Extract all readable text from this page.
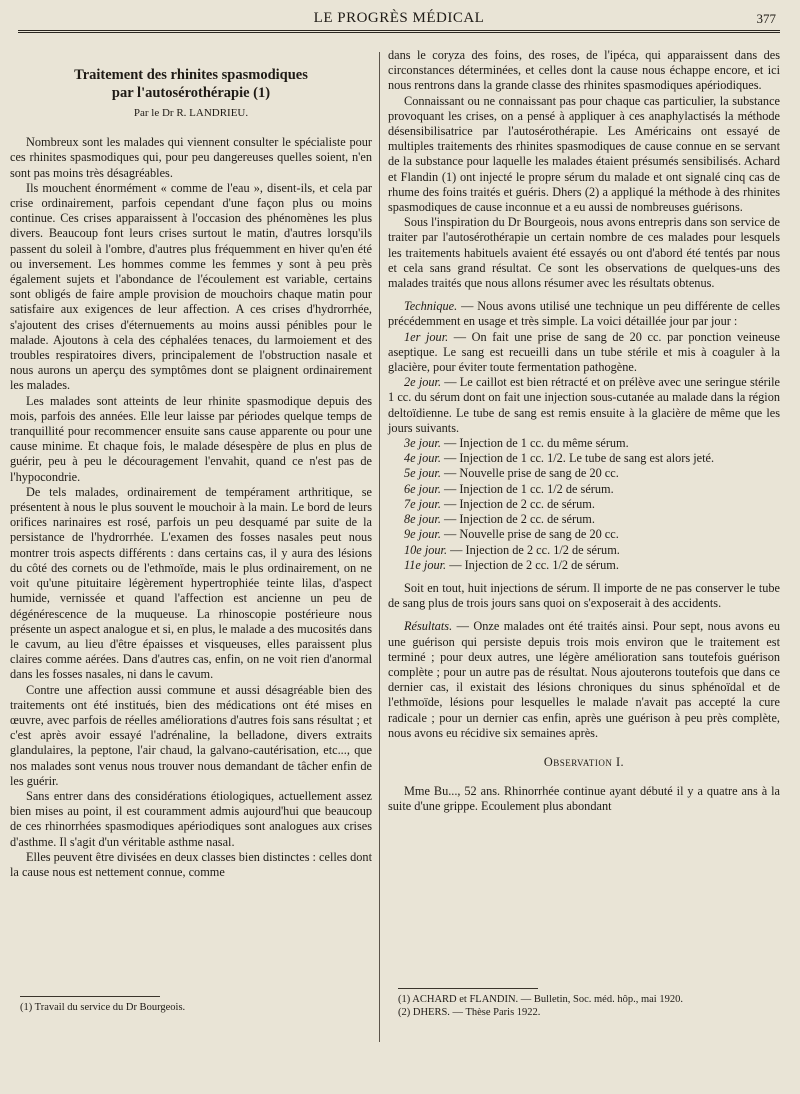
LE PROGRÈS MÉDICAL	377
Traitement des rhinites spasmodiques
par l'autosérothérapie (1)
Par le Dr R. LANDRIEU.

Nombreux sont les malades qui viennent consulter le spécialiste pour ces rhinites spasmodiques qui, pour peu dangereuses quelles soient, n'en sont pas moins très désagréables.

Ils mouchent énormément « comme de l'eau », disent-ils, et cela par crise ordinairement, parfois cependant d'une façon plus ou moins continue. Ces crises apparaissent à l'occasion des phénomènes les plus divers. Beaucoup font leurs crises surtout le matin, d'autres lorsqu'ils passent du soleil à l'ombre, d'autres plus fréquemment en hiver qu'en été ou inversement. Les hommes comme les femmes y sont à peu près également sujets et l'abondance de l'écoulement est variable, certains sont obligés de faire ample provision de mouchoirs chaque matin pour satisfaire aux exigences de leur affection. A ces crises d'hydrorrhée, s'ajoutent des crises d'éternuements au moins aussi pénibles pour le malade. Ajoutons à cela des céphalées tenaces, du larmoiement et des troubles respiratoires divers, principalement de l'obstruction nasale et nous aurons un aperçu des symptômes dont se plaignent ordinairement les malades.

Les malades sont atteints de leur rhinite spasmodique depuis des mois, parfois des années. Elle leur laisse par périodes quelque temps de tranquillité pour recommencer ensuite sans cause apparente ou pour une cause minime. Et chaque fois, le malade désespère de plus en plus de guérir, peu à peu le découragement l'envahit, quand ce n'est pas de l'hypocondrie.

De tels malades, ordinairement de tempérament arthritique, se présentent à nous le plus souvent le mouchoir à la main. Le bord de leurs orifices narinaires est rosé, parfois un peu desquamé par suite de la persistance de l'hydrorrhée. L'examen des fosses nasales peut nous montrer trois aspects différents : dans certains cas, il y aura des lésions du côté des cornets ou de l'ethmoïde, mais le plus ordinairement, on ne voit qu'une pituitaire légèrement hypertrophiée teinte lilas, d'aspect humide, vernissée et quand l'affection est ancienne un peu de dégénérescence de la muqueuse. La rhinoscopie postérieure nous présente un aspect analogue et si, en plus, le malade a des mucosités dans le cavum, au lieu d'être épaisses et visqueuses, elles paraissent plus claires comme aérées. Dans d'autres cas, enfin, on ne voit rien d'anormal dans les fosses nasales, ni dans le cavum.

Contre une affection aussi commune et aussi désagréable bien des traitements ont été institués, bien des médications ont été mises en œuvre, avec parfois de réelles améliorations d'autres fois sans résultat ; et c'est après avoir essayé l'adrénaline, la belladone, divers extraits glandulaires, la peptone, l'air chaud, la galvano-cautérisation, etc..., que nos malades sont venus nous trouver nous demandant de tâcher enfin de les guérir.

Sans entrer dans des considérations étiologiques, actuellement assez bien mises au point, il est couramment admis aujourd'hui que beaucoup de ces rhinorrhées spasmodiques apériodiques sont analogues aux crises d'asthme. Il s'agit d'un véritable asthme nasal.

Elles peuvent être divisées en deux classes bien distinctes : celles dont la cause nous est nettement connue, comme

(1) Travail du service du Dr Bourgeois.

dans le coryza des foins, des roses, de l'ipéca, qui apparaissent dans des circonstances déterminées, et celles dont la cause nous échappe encore, et ici nous rentrons dans la grande classe des rhinites spasmodiques apériodiques.

Connaissant ou ne connaissant pas pour chaque cas particulier, la substance provoquant les crises, on a pensé à appliquer à ces anaphylactisés la méthode désensibilisatrice par l'autosérothérapie. Les Américains ont essayé de multiples traitements des rhinites spasmodiques de cause connue en se servant de la substance pour laquelle les malades étaient présumés sensibilisés. Achard et Flandin (1) ont injecté le propre sérum du malade et ont signalé cinq cas de rhume des foins traités et guéris. Dhers (2) a appliqué la méthode à des rhinites spasmodiques de cause inconnue et a eu aussi de nombreuses guérisons.

Sous l'inspiration du Dr Bourgeois, nous avons entrepris dans son service de traiter par l'autosérothérapie un certain nombre de ces malades pour lesquels les traitements habituels avaient été essayés ou ont d'abord été tentés par nous et cela sans grand résultat. Ce sont les observations de quelques-uns des malades traités que nous allons résumer avec les résultats obtenus.

Technique. — Nous avons utilisé une technique un peu différente de celles précédemment en usage et très simple. La voici détaillée jour par jour :

1er jour. — On fait une prise de sang de 20 cc. par ponction veineuse aseptique. Le sang est recueilli dans un tube stérile et mis à coaguler à la glacière, pour éviter toute fermentation pathogène.

2e jour. — Le caillot est bien rétracté et on prélève avec une seringue stérile 1 cc. du sérum dont on fait une injection sous-cutanée au malade dans la région deltoïdienne. Le tube de sang est remis ensuite à la glacière de même que les jours suivants.

3e jour. — Injection de 1 cc. du même sérum.
4e jour. — Injection de 1 cc. 1/2. Le tube de sang est alors jeté.
5e jour. — Nouvelle prise de sang de 20 cc.
6e jour. — Injection de 1 cc. 1/2 de sérum.
7e jour. — Injection de 2 cc. de sérum.
8e jour. — Injection de 2 cc. de sérum.
9e jour. — Nouvelle prise de sang de 20 cc.
10e jour. — Injection de 2 cc. 1/2 de sérum.
11e jour. — Injection de 2 cc. 1/2 de sérum.

Soit en tout, huit injections de sérum. Il importe de ne pas conserver le tube de sang plus de trois jours sans quoi on s'exposerait à des accidents.

Résultats. — Onze malades ont été traités ainsi. Pour sept, nous avons eu une guérison qui persiste depuis trois mois environ que le traitement est terminé ; pour deux autres, une légère amélioration sans toutefois guérison complète ; pour un autre pas de résultat. Nous ajouterons toutefois que dans ce dernier cas, il existait des lésions chroniques du sinus sphénoïdal et de l'ethmoïde, lésions pour lesquelles le malade n'avait pas accepté la cure radicale ; pour un dernier cas enfin, après une guérison à peu près complète, nous avons eu récidive six semaines après.

Observation I.

Mme Bu..., 52 ans. Rhinorrhée continue ayant débuté il y a quatre ans à la suite d'une grippe. Ecoulement plus abondant

(1) ACHARD et FLANDIN. — Bulletin, Soc. méd. hôp., mai 1920.

(2) DHERS. — Thèse Paris 1922.
